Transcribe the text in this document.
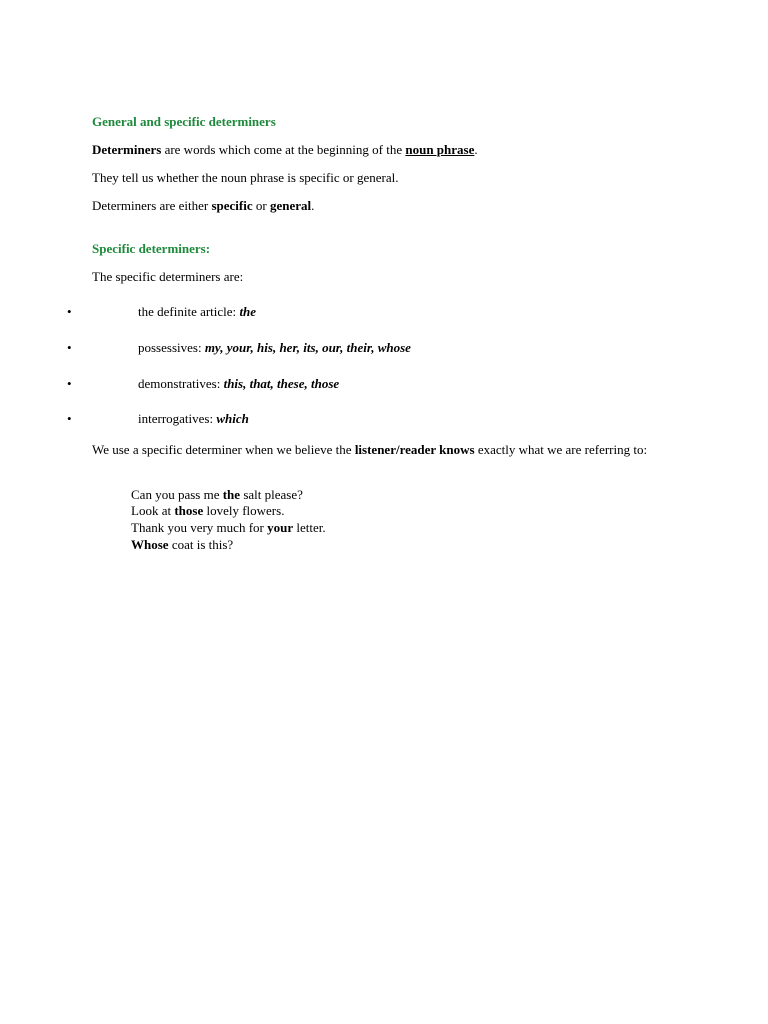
General and specific determiners

Determiners are words which come at the beginning of the noun phrase.

They tell us whether the noun phrase is specific or general.

Determiners are either specific or general.

Specific determiners:

The specific determiners are:

•	the definite article: the
•	possessives: my, your, his, her, its, our, their, whose
•	demonstratives: this, that, these, those
•	interrogatives: which

We use a specific determiner when we believe the listener/reader knows exactly what we are referring to:

Can you pass me the salt please?

Look at those lovely flowers.

Thank you very much for your letter.

Whose coat is this?
